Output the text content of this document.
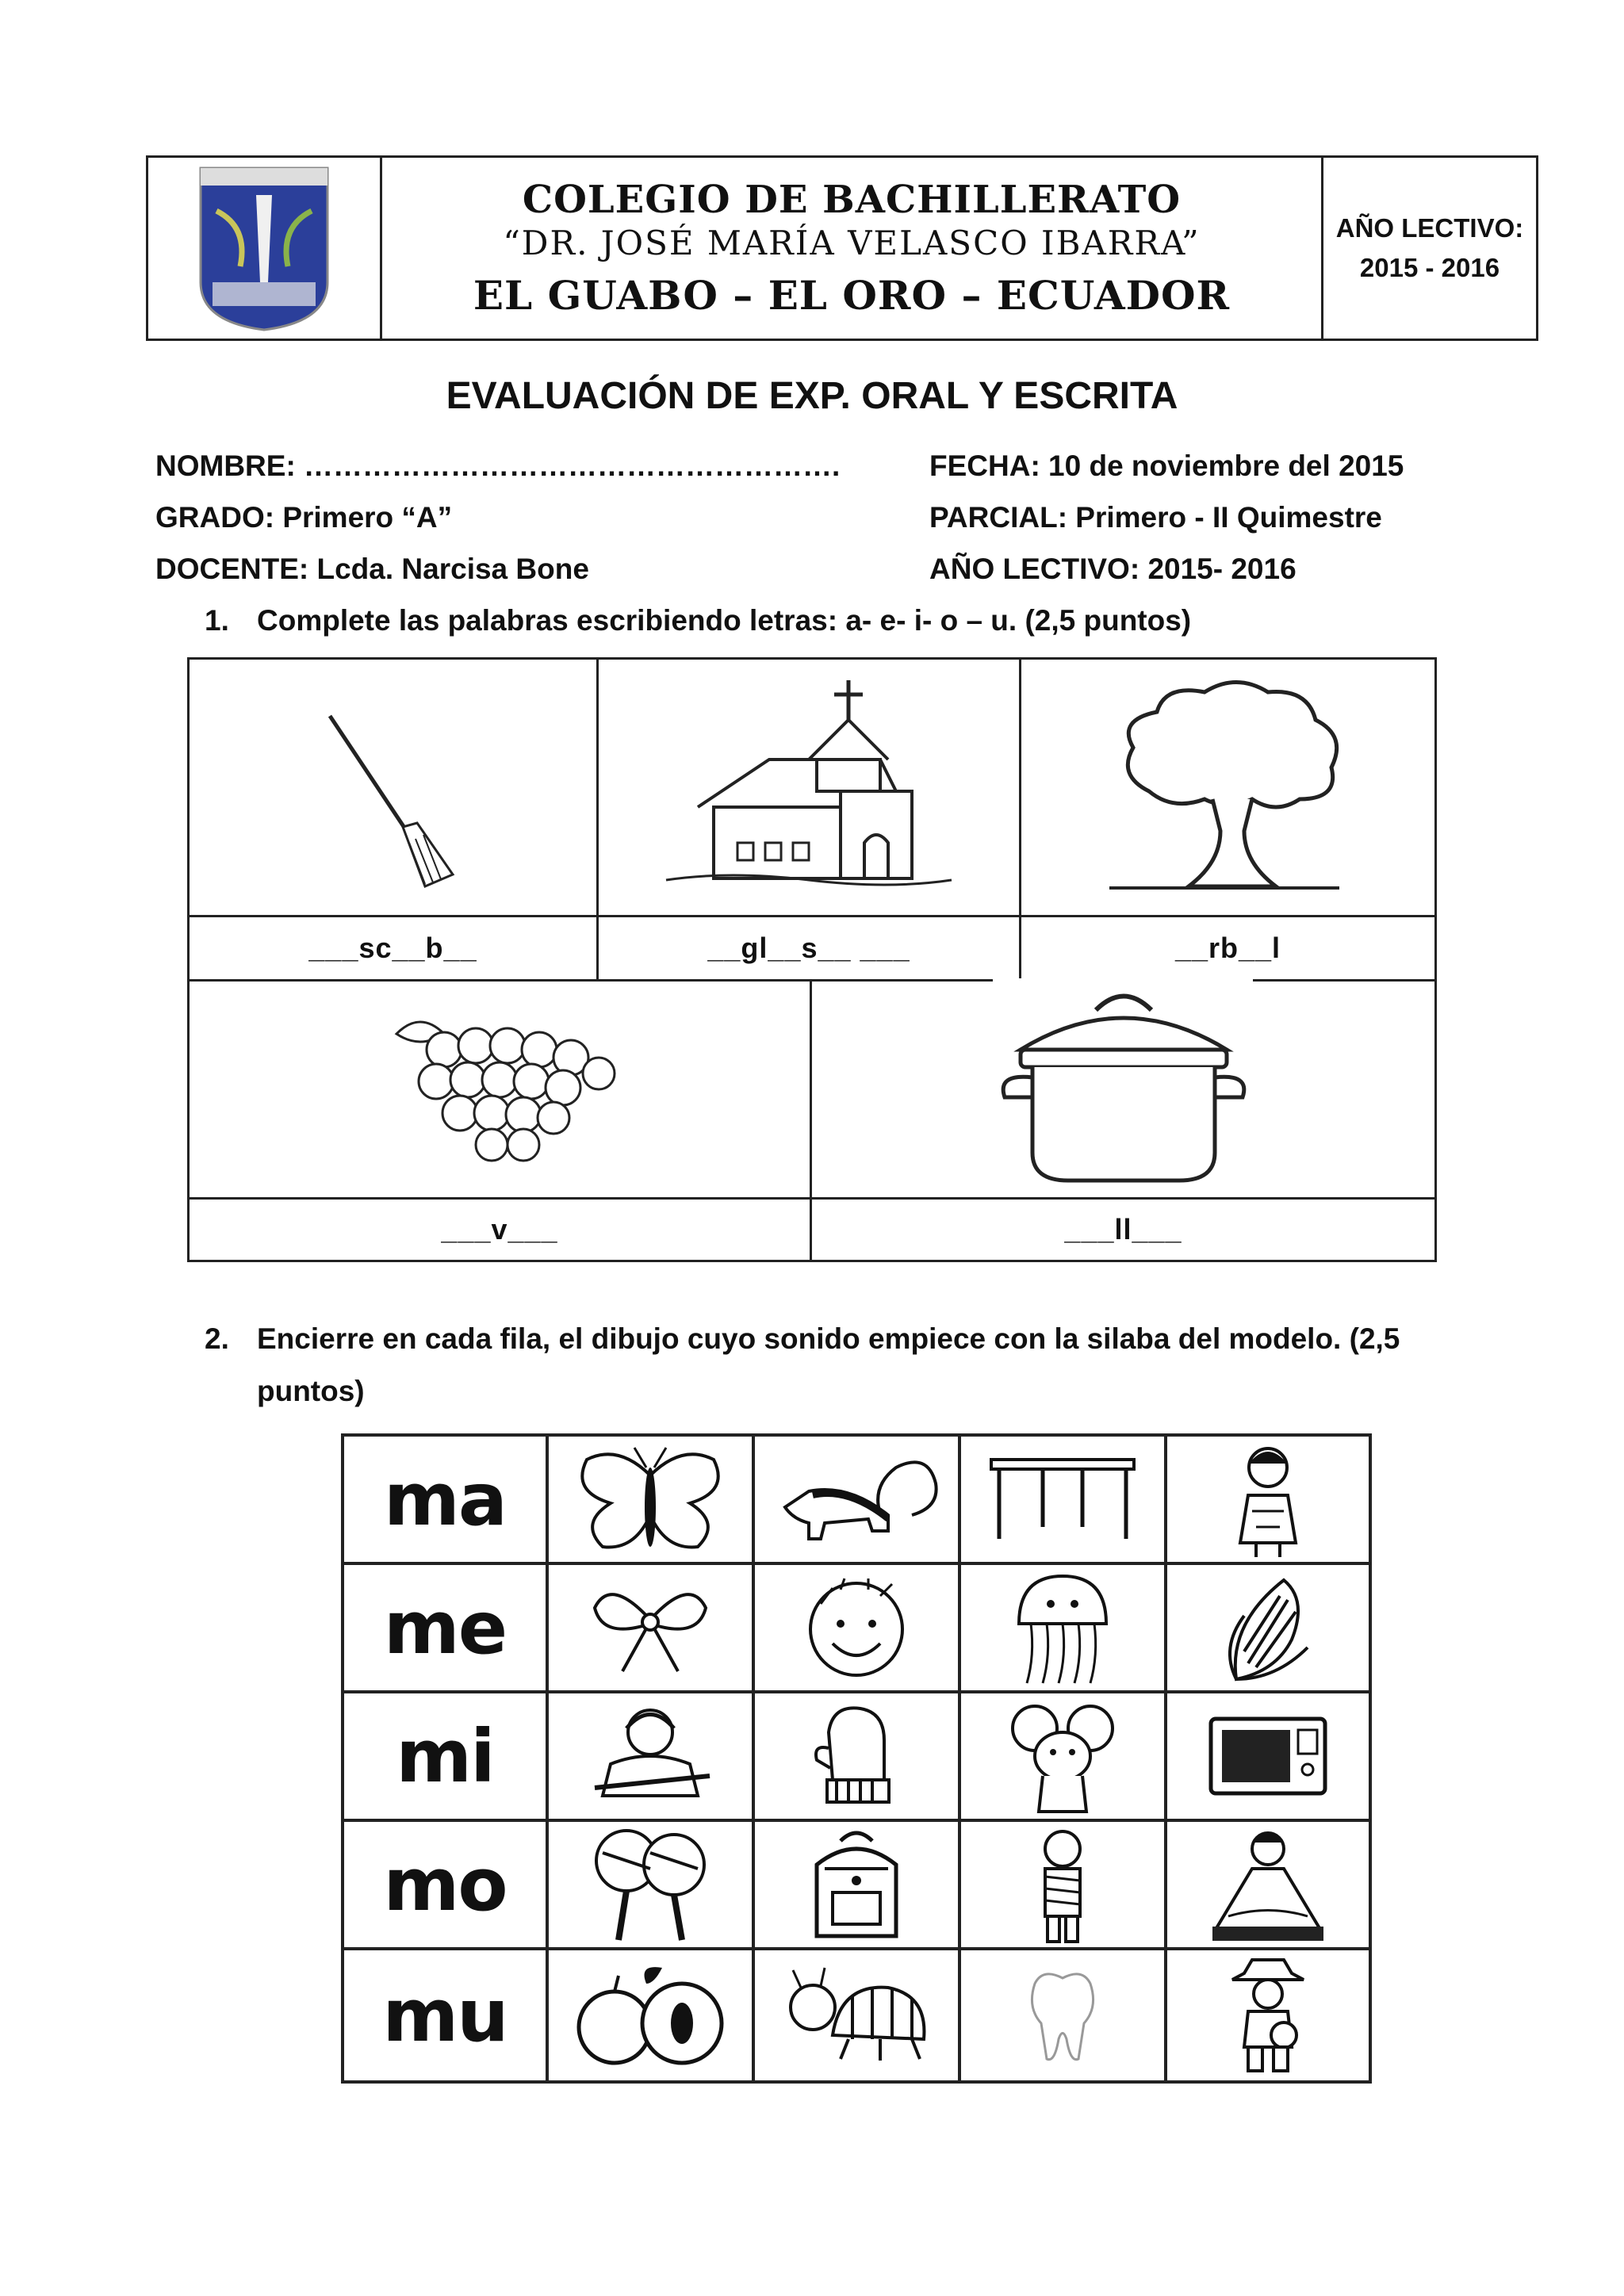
COLEGIO DE BACHILLERATO
“DR. JOSÉ MARÍA VELASCO IBARRA”
EL GUABO – EL ORO – ECUADOR
AÑO LECTIVO:
2015 - 2016
EVALUACIÓN DE EXP. ORAL Y ESCRITA
NOMBRE: ……………………………………………….	FECHA: 10 de noviembre del 2015
GRADO: Primero “A”	PARCIAL: Primero - II Quimestre
DOCENTE: Lcda. Narcisa Bone	AÑO LECTIVO: 2015- 2016
1. Complete las palabras escribiendo letras: a- e- i- o – u. (2,5 puntos)
___sc__b__	__gl__s__ ___	__rb__l
___v___	___ll___
2. Encierre en cada fila, el dibujo cuyo sonido empiece con la silaba del modelo. (2,5
puntos)
ma
me
mi
mo
mu
